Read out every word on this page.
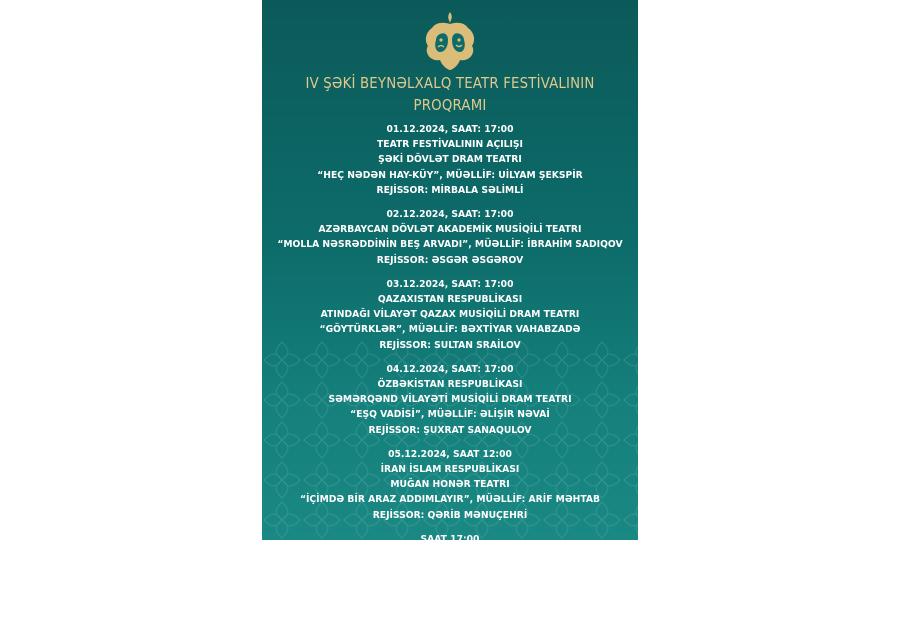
IV ŞƏKİ BEYNƏLXALQ TEATR FESTİVALININ
PROQRAMI
01.12.2024, SAAT: 17:00
TEATR FESTİVALININ AÇILIŞI
ŞƏKİ DÖVLƏT DRAM TEATRI
“HEÇ NƏDƏN HAY-KÜY”, MÜƏLLİF: UİLYAM ŞEKSPİR
REJİSSOR: MİRBALA SƏLİMLİ
02.12.2024, SAAT: 17:00
AZƏRBAYCAN DÖVLƏT AKADEMİK MUSİQİLİ TEATRI
“MOLLA NƏSRƏDDİNİN BEŞ ARVADI”, MÜƏLLİF: İBRAHİM SADIQOV
REJİSSOR: ƏSGƏR ƏSGƏROV
03.12.2024, SAAT: 17:00
QAZAXISTAN RESPUBLİKASI
ATINDAĞI VİLAYƏT QAZAX MUSİQİLİ DRAM TEATRI
“GÖYTÜRKLƏR”, MÜƏLLİF: BƏXTİYAR VAHABZADƏ
REJİSSOR: SULTAN SRAİLOV
04.12.2024, SAAT: 17:00
ÖZBƏKİSTAN RESPUBLİKASI
SƏMƏRQƏND VİLAYƏTİ MUSİQİLİ DRAM TEATRI
“EŞQ VADİSİ”, MÜƏLLİF: ƏLİŞİR NƏVAİ
REJİSSOR: ŞUXRAT SANAQULOV
05.12.2024, SAAT 12:00
İRAN İSLAM RESPUBLİKASI
MUĞAN HONƏR TEATRI
“İÇİMDƏ BİR ARAZ ADDIMLAYIR”, MÜƏLLİF: ARİF MƏHTAB
REJİSSOR: QƏRİB MƏNUÇEHRİ
SAAT 17:00
TEATR FESTİVALININ BAĞLANIŞI
GƏNCƏ DÖVLƏT MİLLİ DRAM TEATRI
“TOROS CANAVARI”, MÜƏLLİF: ƏZİZ NESİN
REJİSSOR: KUBİLAY ERDELİKARA
